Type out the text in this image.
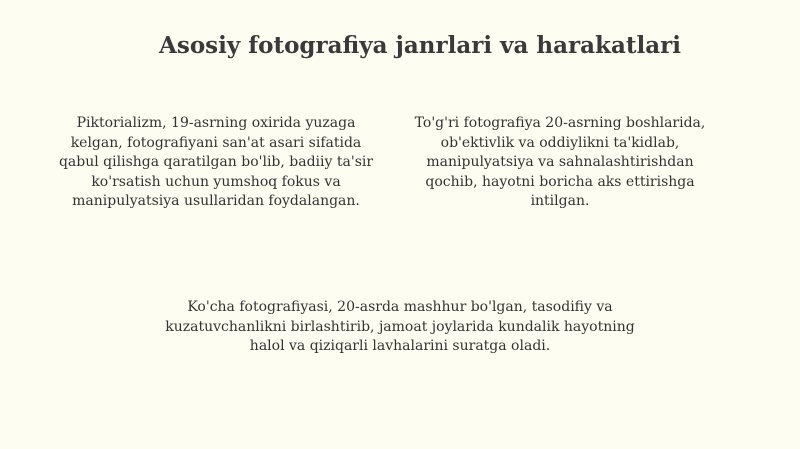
Asosiy fotografiya janrlari va harakatlari

Piktorializm, 19-asrning oxirida yuzaga kelgan, fotografiyani san'at asari sifatida qabul qilishga qaratilgan bo'lib, badiiy ta'sir ko'rsatish uchun yumshoq fokus va manipulyatsiya usullaridan foydalangan.

To'g'ri fotografiya 20-asrning boshlarida, ob'ektivlik va oddiylikni ta'kidlab, manipulyatsiya va sahnalashtirishdan qochib, hayotni boricha aks ettirishga intilgan.

Ko'cha fotografiyasi, 20-asrda mashhur bo'lgan, tasodifiy va kuzatuvchanlikni birlashtirib, jamoat joylarida kundalik hayotning halol va qiziqarli lavhalarini suratga oladi.
